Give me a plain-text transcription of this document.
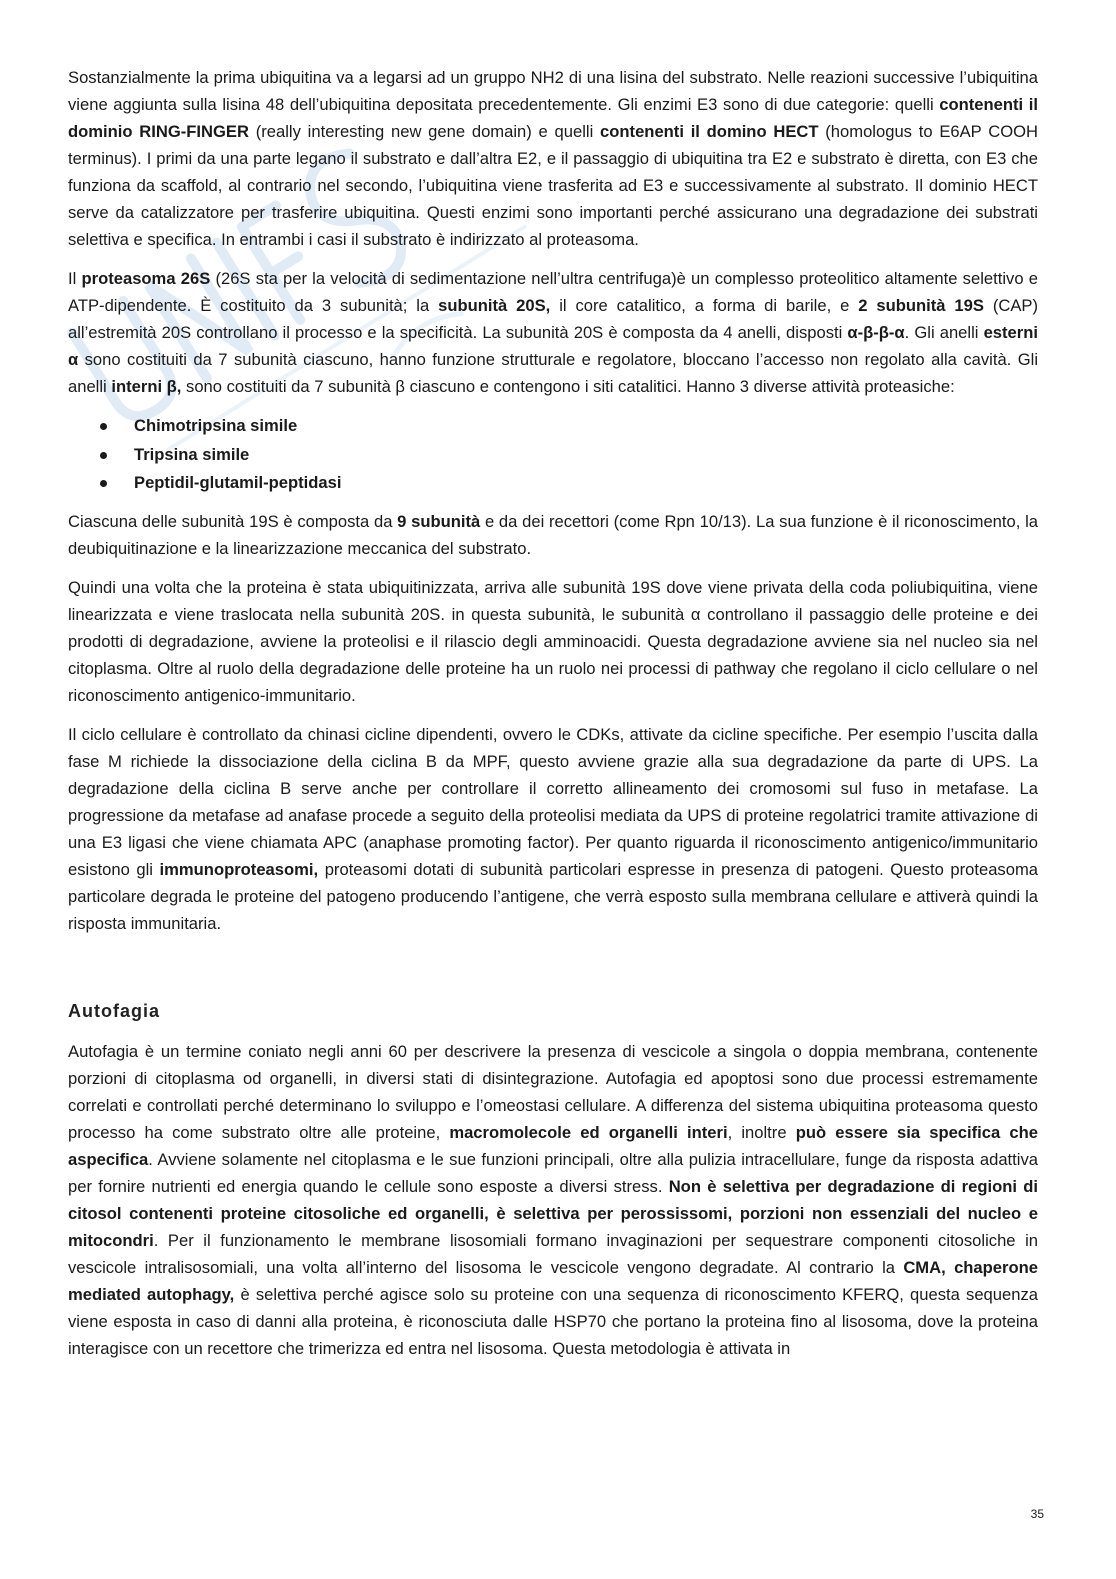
Sostanzialmente la prima ubiquitina va a legarsi ad un gruppo NH2 di una lisina del substrato. Nelle reazioni successive l’ubiquitina viene aggiunta sulla lisina 48 dell’ubiquitina depositata precedentemente. Gli enzimi E3 sono di due categorie: quelli contenenti il dominio RING-FINGER (really interesting new gene domain) e quelli contenenti il domino HECT (homologus to E6AP COOH terminus). I primi da una parte legano il substrato e dall’altra E2, e il passaggio di ubiquitina tra E2 e substrato è diretta, con E3 che funziona da scaffold, al contrario nel secondo, l’ubiquitina viene trasferita ad E3 e successivamente al substrato. Il dominio HECT serve da catalizzatore per trasferire ubiquitina. Questi enzimi sono importanti perché assicurano una degradazione dei substrati selettiva e specifica. In entrambi i casi il substrato è indirizzato al proteasoma.

Il proteasoma 26S (26S sta per la velocità di sedimentazione nell’ultra centrifuga)è un complesso proteolitico altamente selettivo e ATP-dipendente. È costituito da 3 subunità; la subunità 20S, il core catalitico, a forma di barile, e 2 subunità 19S (CAP) all’estremità 20S controllano il processo e la specificità. La subunità 20S è composta da 4 anelli, disposti α-β-β-α. Gli anelli esterni α sono costituiti da 7 subunità ciascuno, hanno funzione strutturale e regolatore, bloccano l’accesso non regolato alla cavità. Gli anelli interni β, sono costituiti da 7 subunità β ciascuno e contengono i siti catalitici. Hanno 3 diverse attività proteasiche:

Chimotripsina simile
Tripsina simile
Peptidil-glutamil-peptidasi

Ciascuna delle subunità 19S è composta da 9 subunità e da dei recettori (come Rpn 10/13). La sua funzione è il riconoscimento, la deubiquitinazione e la linearizzazione meccanica del substrato.

Quindi una volta che la proteina è stata ubiquitinizzata, arriva alle subunità 19S dove viene privata della coda poliubiquitina, viene linearizzata e viene traslocata nella subunità 20S. in questa subunità, le subunità α controllano il passaggio delle proteine e dei prodotti di degradazione, avviene la proteolisi e il rilascio degli amminoacidi. Questa degradazione avviene sia nel nucleo sia nel citoplasma. Oltre al ruolo della degradazione delle proteine ha un ruolo nei processi di pathway che regolano il ciclo cellulare o nel riconoscimento antigenico-immunitario.

Il ciclo cellulare è controllato da chinasi cicline dipendenti, ovvero le CDKs, attivate da cicline specifiche. Per esempio l’uscita dalla fase M richiede la dissociazione della ciclina B da MPF, questo avviene grazie alla sua degradazione da parte di UPS. La degradazione della ciclina B serve anche per controllare il corretto allineamento dei cromosomi sul fuso in metafase. La progressione da metafase ad anafase procede a seguito della proteolisi mediata da UPS di proteine regolatrici tramite attivazione di una E3 ligasi che viene chiamata APC (anaphase promoting factor). Per quanto riguarda il riconoscimento antigenico/immunitario esistono gli immunoproteasomi, proteasomi dotati di subunità particolari espresse in presenza di patogeni. Questo proteasoma particolare degrada le proteine del patogeno producendo l’antigene, che verrà esposto sulla membrana cellulare e attiverà quindi la risposta immunitaria.

Autofagia

Autofagia è un termine coniato negli anni 60 per descrivere la presenza di vescicole a singola o doppia membrana, contenente porzioni di citoplasma od organelli, in diversi stati di disintegrazione. Autofagia ed apoptosi sono due processi estremamente correlati e controllati perché determinano lo sviluppo e l’omeostasi cellulare. A differenza del sistema ubiquitina proteasoma questo processo ha come substrato oltre alle proteine, macromolecole ed organelli interi, inoltre può essere sia specifica che aspecifica. Avviene solamente nel citoplasma e le sue funzioni principali, oltre alla pulizia intracellulare, funge da risposta adattiva per fornire nutrienti ed energia quando le cellule sono esposte a diversi stress. Non è selettiva per degradazione di regioni di citosol contenenti proteine citosoliche ed organelli, è selettiva per perossissomi, porzioni non essenziali del nucleo e mitocondri. Per il funzionamento le membrane lisosomiali formano invaginazioni per sequestrare componenti citosoliche in vescicole intralisosomiali, una volta all’interno del lisosoma le vescicole vengono degradate. Al contrario la CMA, chaperone mediated autophagy, è selettiva perché agisce solo su proteine con una sequenza di riconoscimento KFERQ, questa sequenza viene esposta in caso di danni alla proteina, è riconosciuta dalle HSP70 che portano la proteina fino al lisosoma, dove la proteina interagisce con un recettore che trimerizza ed entra nel lisosoma. Questa metodologia è attivata in

35
